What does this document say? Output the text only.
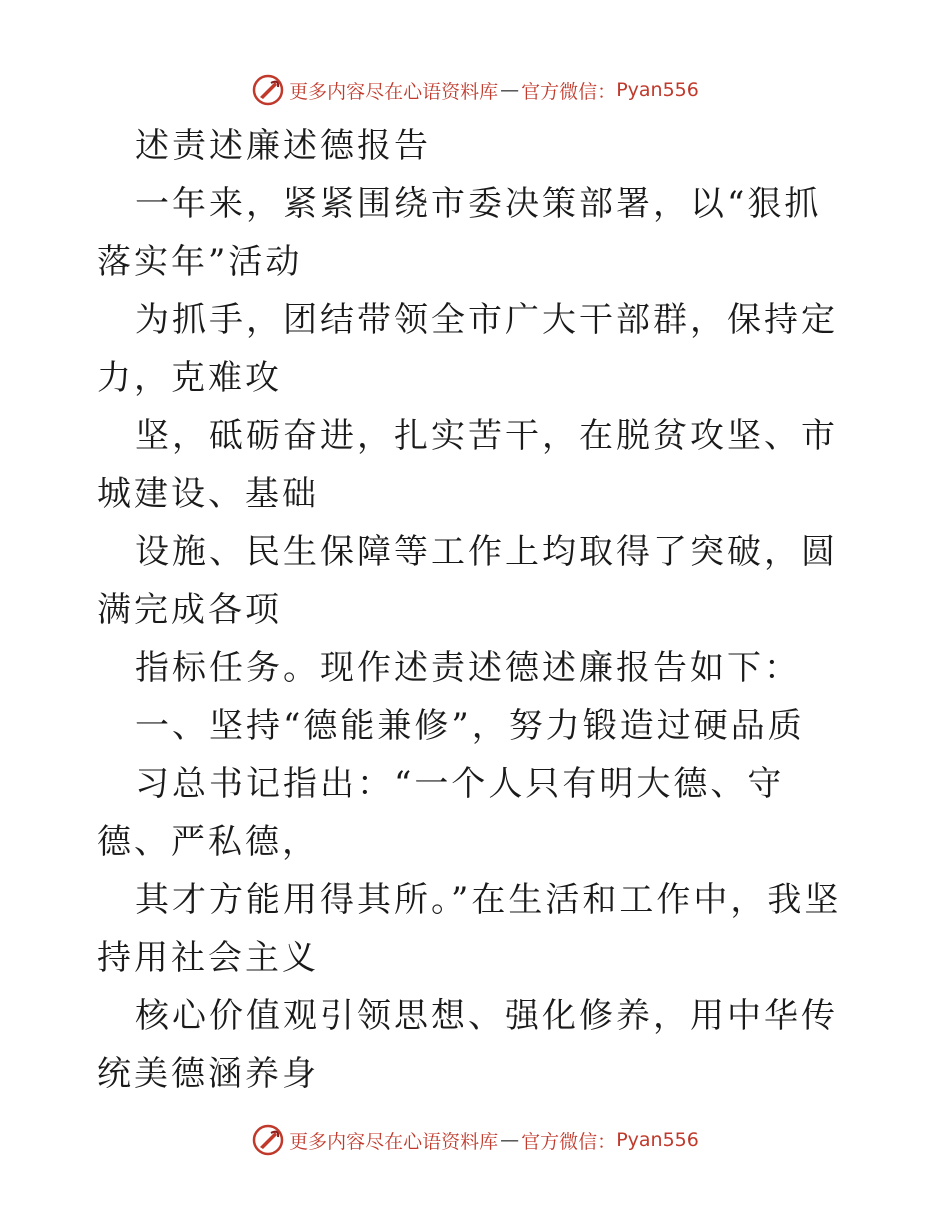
更多内容尽在心语资料库 — 官方微信： Pyan556

述责述廉述德报告

一年来，紧紧围绕市委决策部署，以“狠抓落实年”活动

为抓手，团结带领全市广大干部群，保持定力，克难攻

坚，砥砺奋进，扎实苦干，在脱贫攻坚、市城建设、基础

设施、民生保障等工作上均取得了突破，圆满完成各项

指标任务。现作述责述德述廉报告如下：

一、坚持“德能兼修”，努力锻造过硬品质

习总书记指出：“一个人只有明大德、守德、严私德，

其才方能用得其所。”在生活和工作中，我坚持用社会主义

核心价值观引领思想、强化修养，用中华传统美德涵养身

更多内容尽在心语资料库 — 官方微信： Pyan556
